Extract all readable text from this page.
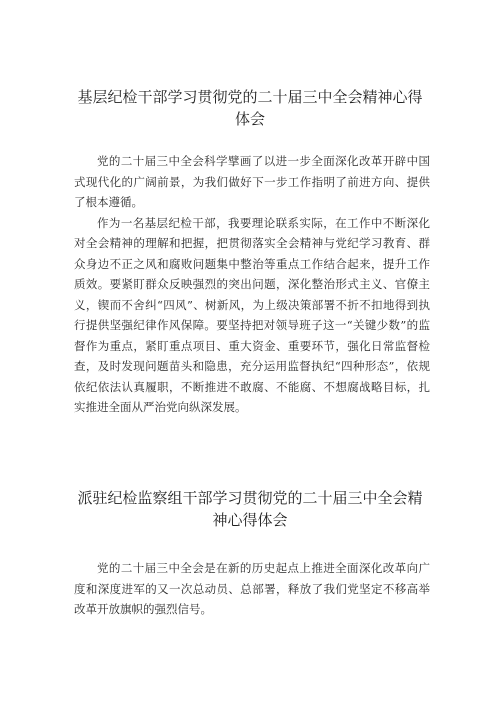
基层纪检干部学习贯彻党的二十届三中全会精神心得
体会

党的二十届三中全会科学擘画了以进一步全面深化改革开辟中国式现代化的广阔前景，为我们做好下一步工作指明了前进方向、提供了根本遵循。

作为一名基层纪检干部，我要理论联系实际，在工作中不断深化对全会精神的理解和把握，把贯彻落实全会精神与党纪学习教育、群众身边不正之风和腐败问题集中整治等重点工作结合起来，提升工作质效。要紧盯群众反映强烈的突出问题，深化整治形式主义、官僚主义，锲而不舍纠“四风”、树新风，为上级决策部署不折不扣地得到执行提供坚强纪律作风保障。要坚持把对领导班子这一“关键少数”的监督作为重点，紧盯重点项目、重大资金、重要环节，强化日常监督检查，及时发现问题苗头和隐患，充分运用监督执纪“四种形态”，依规依纪依法认真履职，不断推进不敢腐、不能腐、不想腐战略目标，扎实推进全面从严治党向纵深发展。

派驻纪检监察组干部学习贯彻党的二十届三中全会精
神心得体会

党的二十届三中全会是在新的历史起点上推进全面深化改革向广度和深度进军的又一次总动员、总部署，释放了我们党坚定不移高举改革开放旗帜的强烈信号。
